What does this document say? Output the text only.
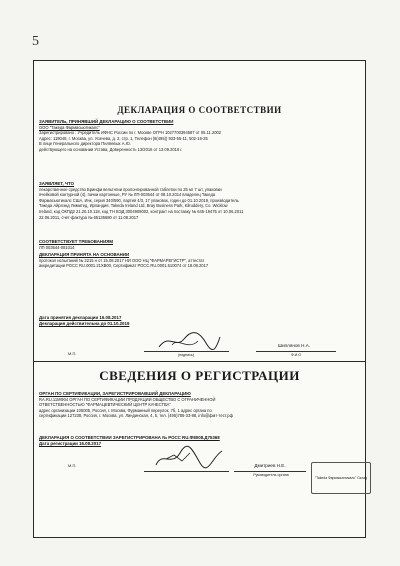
5
ДЕКЛАРАЦИЯ О СООТВЕТСТВИИ
ЗАЯВИТЕЛЬ, ПРИНЯВШИЙ ДЕКЛАРАЦИЮ О СООТВЕТСТВИИ
ООО "Такеда Фармасьютикалс"
Зарегистрировано : Учредитель ИФНС России по г. Москве ОГРН 1027700394587 от 05.11.2002
Адрес: 119048, г. Москва, ул. Усачева, д. 2, стр. 1, Телефон (8(495)) 933-55-11, 502-16-25
В лице Генерального директора Пиляевых А.Ю.
действующего на основании Устава, Доверенность 13/2016 от 13.09.2016 г.
ЗАЯВЛЯЕТ, ЧТО
лекарственное средство Бринфи вельтнгии пролонгированной таблетки по 25 мг 7 шт, упаковки
ячейковой контурной (4), пачки картонные, РУ № ЛП-003644 от 08.10.2014 владелец Такеда
Фармасьютикалс США, Инк, серия 340/590, партия 4/3, 17 упаковок, годен до 01.10.2019, производитель
Такеда Айрлэнд Лимитед, Ирландия, Takeda Ireland Ltd, Bray Business Park, Kilruddery, Co. Wicklow
Ireland, код ОКПД2 21.20.10.118, код ТН ВЭД 3004909002, контракт на поставку № 645-19475 от 10.06.2011
22.06.2011, счет-фактура № 65135680 от 11.08.2017
СООТВЕТСТВУЕТ ТРЕБОВАНИЯМ
ЛП 003644-081014
ДЕКЛАРАЦИЯ ПРИНЯТА НА ОСНОВАНИИ
протокол испытаний № 3215 н от 15.08.2017 НИ ООО НЦ "ФАРМАРЕГИСТР", аттестат
аккредитации РОСС RU.0001.21XB00, Сертификат РОСС.RU.0001.510074 от 18.08.2017
Дата принятия декларации 16.08.2017
Декларация действительна до 01.10.2019
М.П.	(подпись)
Шиплянов Н.А.
Ф.И.О
СВЕДЕНИЯ О РЕГИСТРАЦИИ
ОРГАН ПО СЕРТИФИКАЦИИ, ЗАРЕГИСТРИРОВАВШИЙ ДЕКЛАРАЦИЮ
RA.RU.11МФ04 ОРГАН ПО СЕРТИФИКАЦИИ ПРОДУКЦИИ ОБЩЕСТВО С ОГРАНИЧЕННОЙ
ОТВЕТСТВЕННОСТЬЮ "ФАРМАЦЕВТИЧЕСКИЙ ЦЕНТР КАЧЕСТВА"
адрес организации 105005, Россия, г. Москва, Фурманный переулок, 7б, 1 адрес органа по
сертификации 127238, Россия, г. Москва, ул. Линдинская, 4, 5, тел. (495)785-33-88, info@фмт-тест.рф
ДЕКЛАРАЦИЯ О СООТВЕТСТВИИ ЗАРЕГИСТРИРОВАНА № РОСС RU.Ф8008.Д75368
Дата регистрации 16.08.2017
М.П.	Дмитриев Н.Е.
Руководитель органа
"Takeda Фармасьютикалс" Склад
